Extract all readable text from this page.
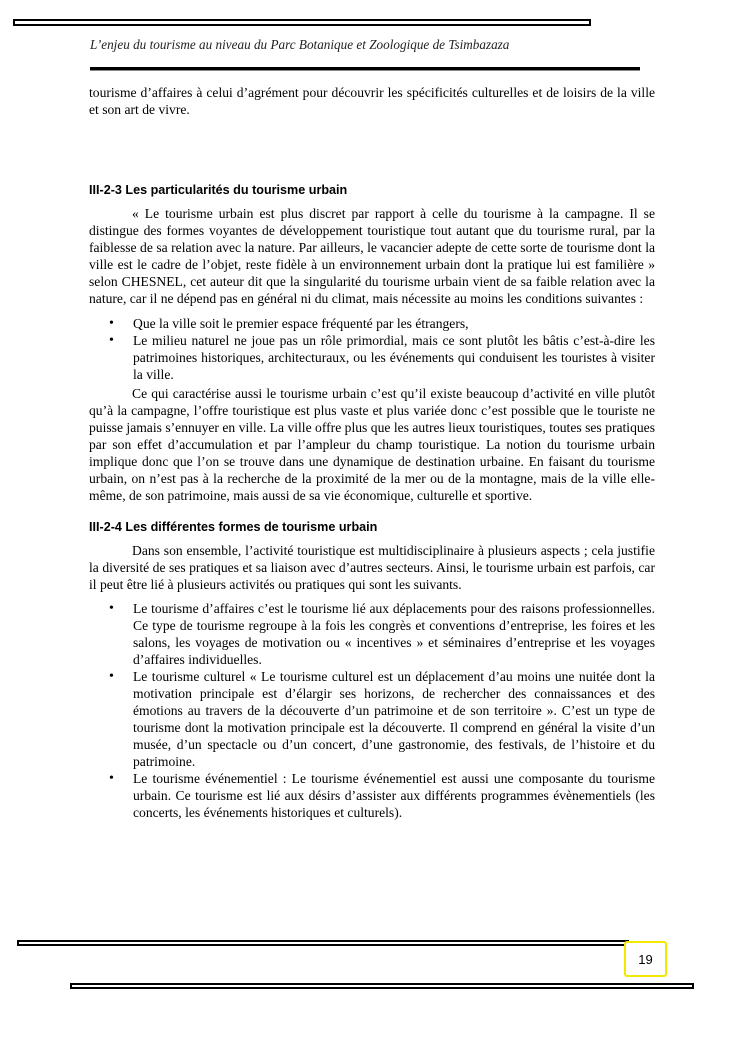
L’enjeu du tourisme au niveau du Parc Botanique et Zoologique de Tsimbazaza

tourisme d’affaires à celui d’agrément pour découvrir les spécificités culturelles et de loisirs de la ville et son art de vivre.

III-2-3 Les particularités du tourisme urbain

« Le tourisme urbain est plus discret par rapport à celle du tourisme à la campagne. Il se distingue des formes voyantes de développement touristique tout autant que du tourisme rural, par la faiblesse de sa relation avec la nature. Par ailleurs, le vacancier adepte de cette sorte de tourisme dont la ville est le cadre de l’objet, reste fidèle à un environnement urbain dont la pratique lui est familière » selon CHESNEL, cet auteur dit que la singularité du tourisme urbain vient de sa faible relation avec la nature, car il ne dépend pas en général ni du climat, mais nécessite au moins les conditions suivantes :

• Que la ville soit le premier espace fréquenté par les étrangers,
• Le milieu naturel ne joue pas un rôle primordial, mais ce sont plutôt les bâtis c’est-à-dire les patrimoines historiques, architecturaux, ou les événements qui conduisent les touristes à visiter la ville.

Ce qui caractérise aussi le tourisme urbain c’est qu’il existe beaucoup d’activité en ville plutôt qu’à la campagne, l’offre touristique est plus vaste et plus variée donc c’est possible que le touriste ne puisse jamais s’ennuyer en ville. La ville offre plus que les autres lieux touristiques, toutes ses pratiques par son effet d’accumulation et par l’ampleur du champ touristique. La notion du tourisme urbain implique donc que l’on se trouve dans une dynamique de destination urbaine. En faisant du tourisme urbain, on n’est pas à la recherche de la proximité de la mer ou de la montagne, mais de la ville elle-même, de son patrimoine, mais aussi de sa vie économique, culturelle et sportive.

III-2-4 Les différentes formes de tourisme urbain

Dans son ensemble, l’activité touristique est multidisciplinaire à plusieurs aspects ; cela justifie la diversité de ses pratiques et sa liaison avec d’autres secteurs. Ainsi, le tourisme urbain est parfois, car il peut être lié à plusieurs activités ou pratiques qui sont les suivants.

• Le tourisme d’affaires c’est le tourisme lié aux déplacements pour des raisons professionnelles. Ce type de tourisme regroupe à la fois les congrès et conventions d’entreprise, les foires et les salons, les voyages de motivation ou « incentives » et séminaires d’entreprise et les voyages d’affaires individuelles.
• Le tourisme culturel « Le tourisme culturel est un déplacement d’au moins une nuitée dont la motivation principale est d’élargir ses horizons, de rechercher des connaissances et des émotions au travers de la découverte d’un patrimoine et de son territoire ». C’est un type de tourisme dont la motivation principale est la découverte. Il comprend en général la visite d’un musée, d’un spectacle ou d’un concert, d’une gastronomie, des festivals, de l’histoire et du patrimoine.
• Le tourisme événementiel : Le tourisme événementiel est aussi une composante du tourisme urbain. Ce tourisme est lié aux désirs d’assister aux différents programmes évènementiels (les concerts, les événements historiques et culturels).
19
